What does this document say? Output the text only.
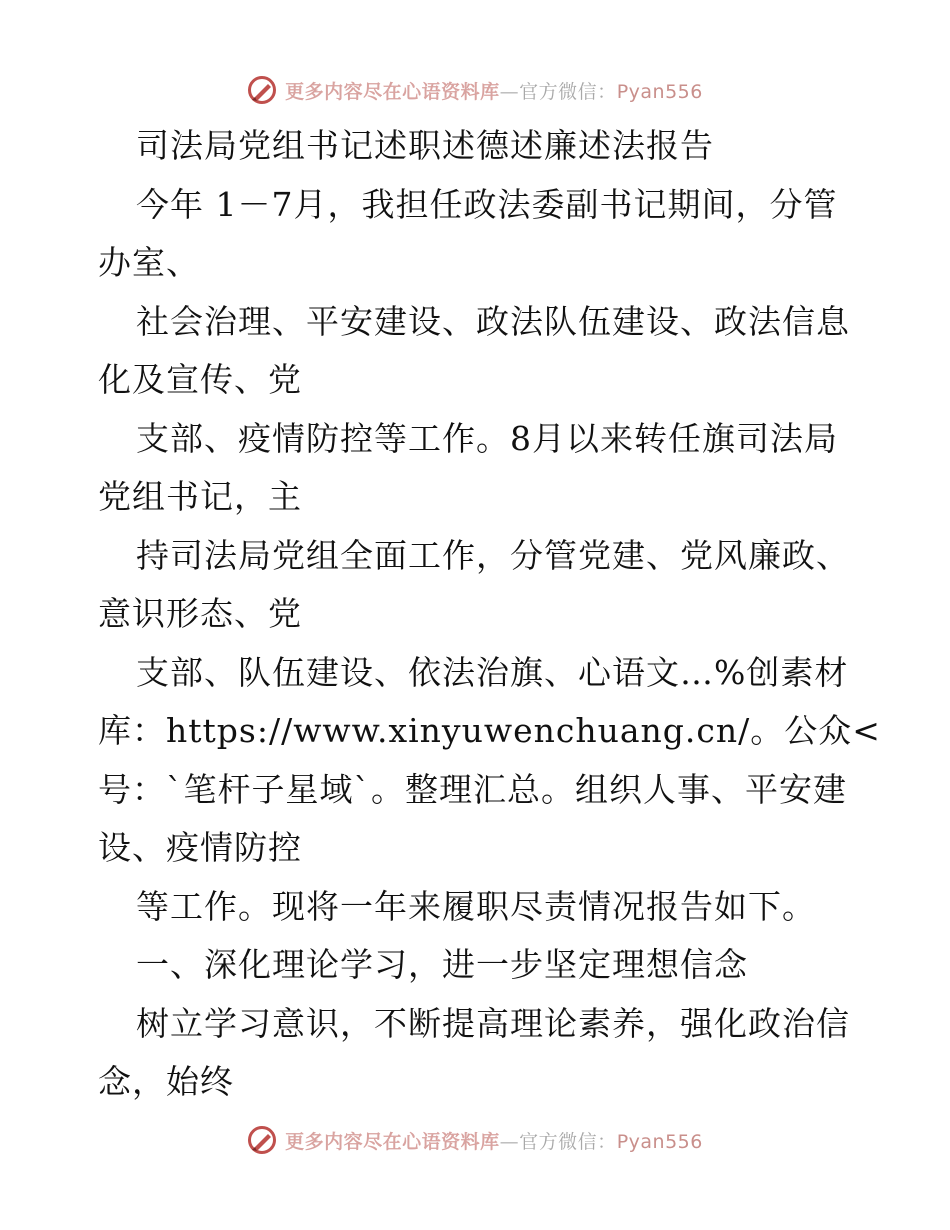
更多内容尽在心语资料库—官方微信：Pyan556
司法局党组书记述职述德述廉述法报告
今年 1－7月，我担任政法委副书记期间，分管
办室、
社会治理、平安建设、政法队伍建设、政法信息
化及宣传、党
支部、疫情防控等工作。8月以来转任旗司法局
党组书记，主
持司法局党组全面工作，分管党建、党风廉政、
意识形态、党
支部、队伍建设、依法治旗、心语文…%创素材
库：https://www.xinyuwenchuang.cn/。公众<
号：`笔杆子星域`。整理汇总。组织人事、平安建
设、疫情防控
等工作。现将一年来履职尽责情况报告如下。
一、深化理论学习，进一步坚定理想信念
树立学习意识，不断提高理论素养，强化政治信
念，始终
更多内容尽在心语资料库—官方微信：Pyan556
